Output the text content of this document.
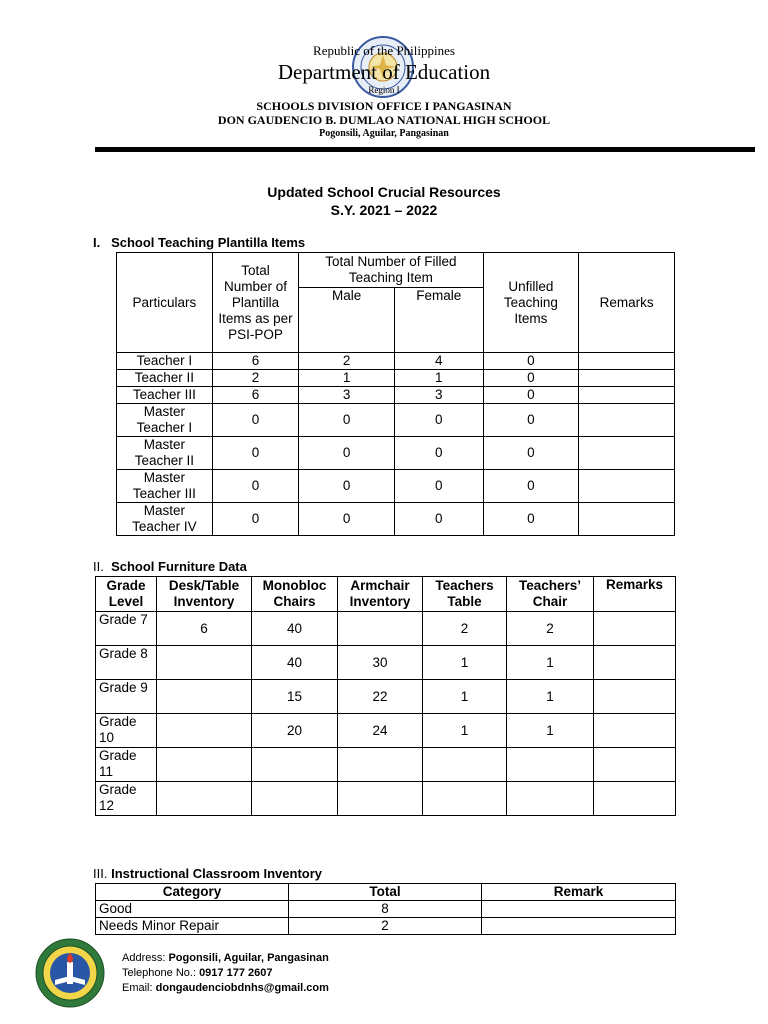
Republic of the Philippines
Department of Education
Region I
SCHOOLS DIVISION OFFICE I PANGASINAN
DON GAUDENCIO B. DUMLAO NATIONAL HIGH SCHOOL
Pogonsili, Aguilar, Pangasinan
Updated School Crucial Resources
S.Y. 2021 – 2022
I. School Teaching Plantilla Items
Particulars	Total Number of Plantilla Items as per PSI-POP	Total Number of Filled Teaching Item		Unfilled Teaching Items	Remarks
		Male	Female		
Teacher I	6	2	4	0	
Teacher II	2	1	1	0	
Teacher III	6	3	3	0	
Master Teacher I	0	0	0	0	
Master Teacher II	0	0	0	0	
Master Teacher III	0	0	0	0	
Master Teacher IV	0	0	0	0	
II. School Furniture Data
Grade Level	Desk/Table Inventory	Monobloc Chairs	Armchair Inventory	Teachers Table	Teachers’ Chair	Remarks
Grade 7	6	40		2	2	
Grade 8		40	30	1	1	
Grade 9		15	22	1	1	
Grade 10		20	24	1	1	
Grade 11						
Grade 12						
III. Instructional Classroom Inventory
Category	Total	Remark
Good	8	
Needs Minor Repair	2	
Address: Pogonsili, Aguilar, Pangasinan
Telephone No.: 0917 177 2607
Email: dongaudenciobdnhs@gmail.com
